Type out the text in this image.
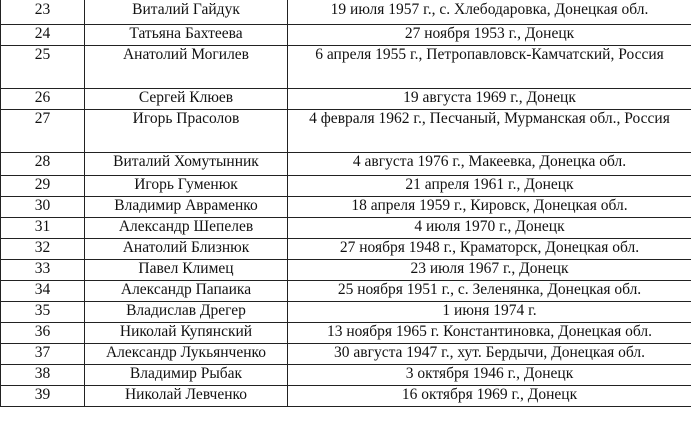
23	Виталий Гайдук	19 июля 1957 г., с. Хлебодаровка, Донецкая обл.
24	Татьяна Бахтеева	27 ноября 1953 г., Донецк
25	Анатолий Могилев	6 апреля 1955 г., Петропавловск-Камчатский, Россия
26	Сергей Клюев	19 августа 1969 г., Донецк
27	Игорь Прасолов	4 февраля 1962 г., Песчаный, Мурманская обл., Россия
28	Виталий Хомутынник	4 августа 1976 г., Макеевка, Донецка обл.
29	Игорь Гуменюк	21 апреля 1961 г., Донецк
30	Владимир Авраменко	18 апреля 1959 г., Кировск, Донецкая обл.
31	Александр Шепелев	4 июля 1970 г., Донецк
32	Анатолий Близнюк	27 ноября 1948 г., Краматорск, Донецкая обл.
33	Павел Климец	23 июля 1967 г., Донецк
34	Александр Папаика	25 ноября 1951 г., с. Зеленянка, Донецкая обл.
35	Владислав Дрегер	1 июня 1974 г.
36	Николай Купянский	13 ноября 1965 г. Константиновка, Донецкая обл.
37	Александр Лукьянченко	30 августа 1947 г., хут. Бердычи, Донецкая обл.
38	Владимир Рыбак	3 октября 1946 г., Донецк
39	Николай Левченко	16 октября 1969 г., Донецк
